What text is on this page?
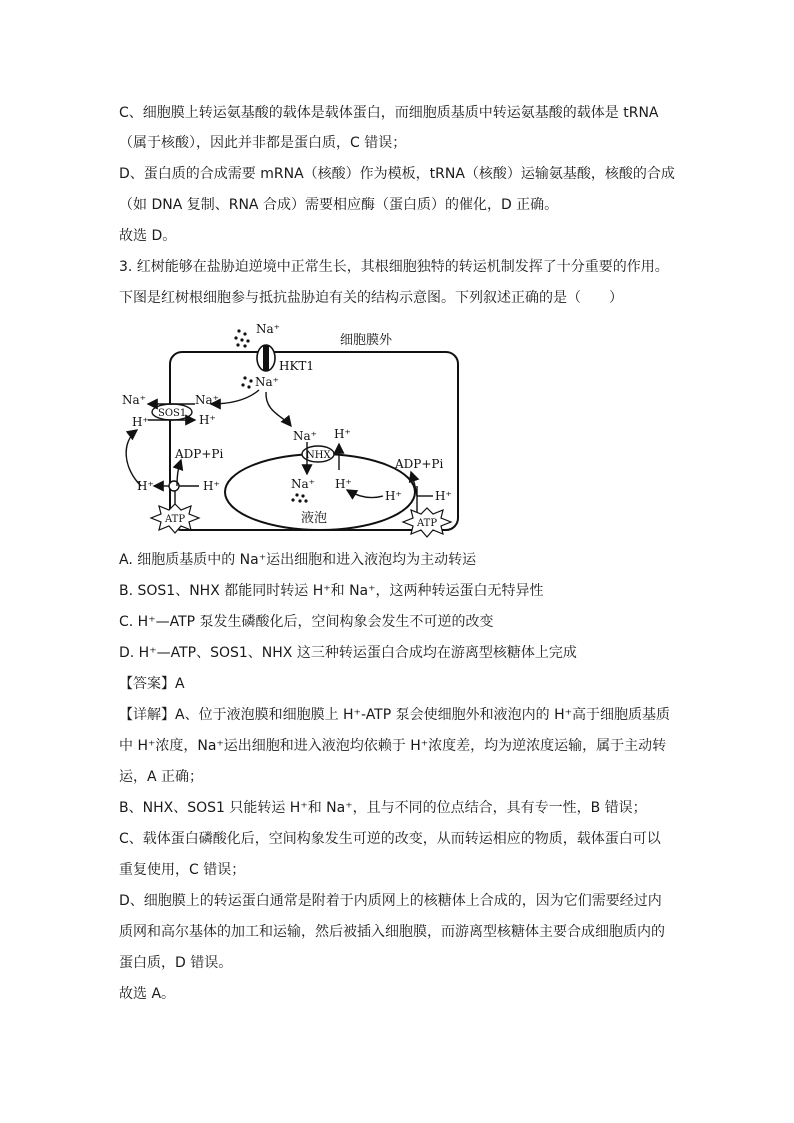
C、细胞膜上转运氨基酸的载体是载体蛋白，而细胞质基质中转运氨基酸的载体是 tRNA
（属于核酸），因此并非都是蛋白质，C 错误；
D、蛋白质的合成需要 mRNA（核酸）作为模板，tRNA（核酸）运输氨基酸，核酸的合成
（如 DNA 复制、RNA 合成）需要相应酶（蛋白质）的催化，D 正确。
故选 D。
3. 红树能够在盐胁迫逆境中正常生长，其根细胞独特的转运机制发挥了十分重要的作用。
下图是红树根细胞参与抵抗盐胁迫有关的结构示意图。下列叙述正确的是（　　）
细胞膜外
HKT1
Na⁺
Na⁺
SOS1
Na⁺	Na⁺
H⁺
H⁺
H⁺	H⁺
ADP+Pi
ATP	液泡
NHX
Na⁺ H⁺
Na⁺ H⁺
H⁺	H⁺
ADP+Pi
ATP
A. 细胞质基质中的 Na⁺运出细胞和进入液泡均为主动转运
B. SOS1、NHX 都能同时转运 H⁺和 Na⁺，这两种转运蛋白无特异性
C. H⁺—ATP 泵发生磷酸化后，空间构象会发生不可逆的改变
D. H⁺—ATP、SOS1、NHX 这三种转运蛋白合成均在游离型核糖体上完成
【答案】A
【详解】A、位于液泡膜和细胞膜上 H⁺-ATP 泵会使细胞外和液泡内的 H⁺高于细胞质基质
中 H⁺浓度，Na⁺运出细胞和进入液泡均依赖于 H⁺浓度差，均为逆浓度运输，属于主动转
运，A 正确；
B、NHX、SOS1 只能转运 H⁺和 Na⁺，且与不同的位点结合，具有专一性，B 错误；
C、载体蛋白磷酸化后，空间构象发生可逆的改变，从而转运相应的物质，载体蛋白可以
重复使用，C 错误；
D、细胞膜上的转运蛋白通常是附着于内质网上的核糖体上合成的，因为它们需要经过内
质网和高尔基体的加工和运输，然后被插入细胞膜，而游离型核糖体主要合成细胞质内的
蛋白质，D 错误。
故选 A。
